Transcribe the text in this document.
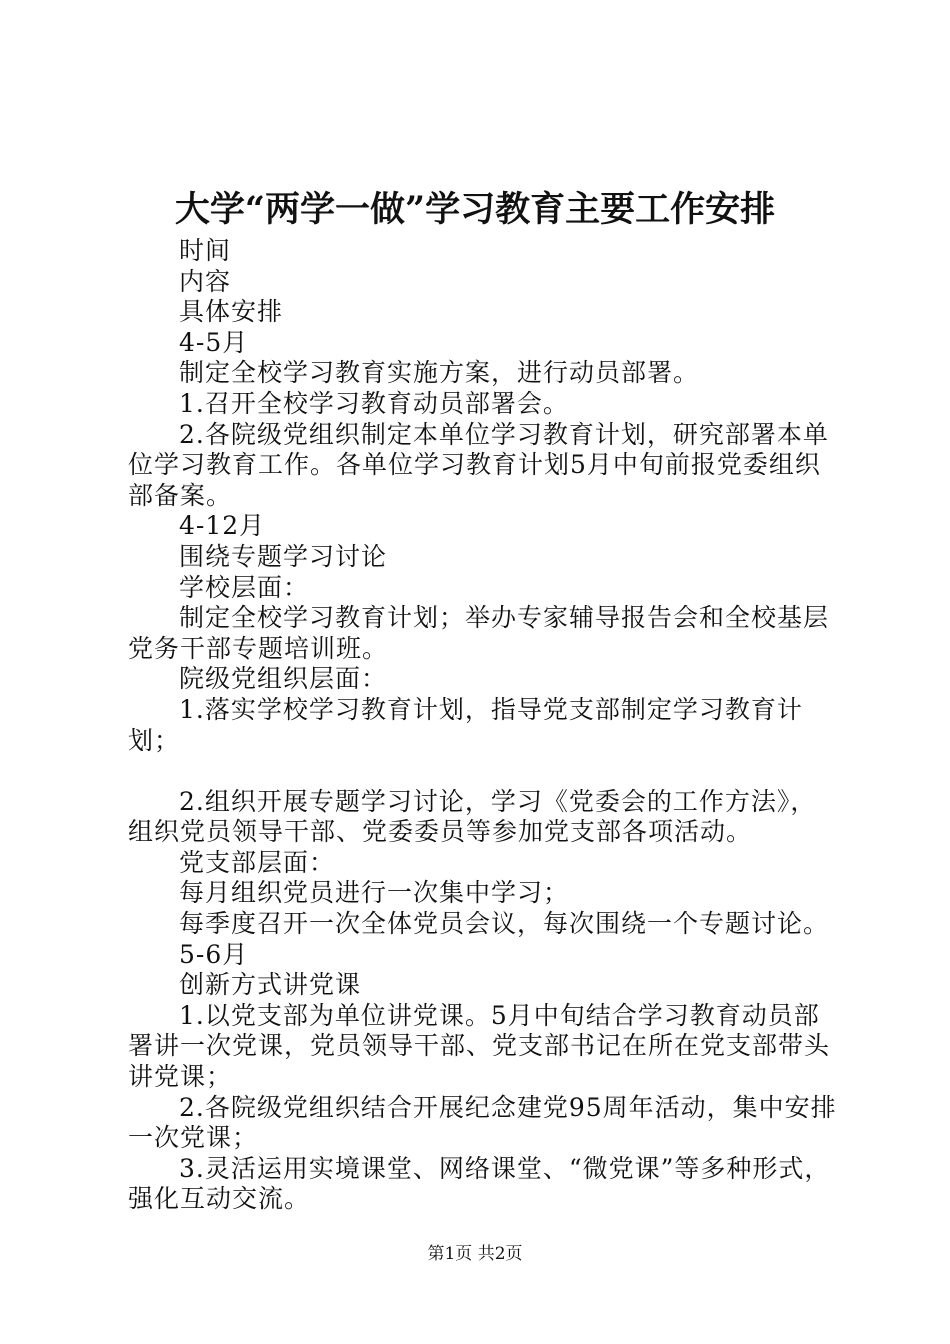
大学“两学一做”学习教育主要工作安排

时间

内容

具体安排

4-5月

制定全校学习教育实施方案，进行动员部署。

1.召开全校学习教育动员部署会。

2.各院级党组织制定本单位学习教育计划，研究部署本单位学习教育工作。各单位学习教育计划5月中旬前报党委组织部备案。

4-12月

围绕专题学习讨论

学校层面：

制定全校学习教育计划；举办专家辅导报告会和全校基层党务干部专题培训班。

院级党组织层面：

1.落实学校学习教育计划，指导党支部制定学习教育计划；

2.组织开展专题学习讨论，学习《党委会的工作方法》，组织党员领导干部、党委委员等参加党支部各项活动。

党支部层面：

每月组织党员进行一次集中学习；

每季度召开一次全体党员会议，每次围绕一个专题讨论。

5-6月

创新方式讲党课

1.以党支部为单位讲党课。5月中旬结合学习教育动员部署讲一次党课，党员领导干部、党支部书记在所在党支部带头讲党课；

2.各院级党组织结合开展纪念建党95周年活动，集中安排一次党课；

3.灵活运用实境课堂、网络课堂、“微党课”等多种形式，强化互动交流。

第1页 共2页
